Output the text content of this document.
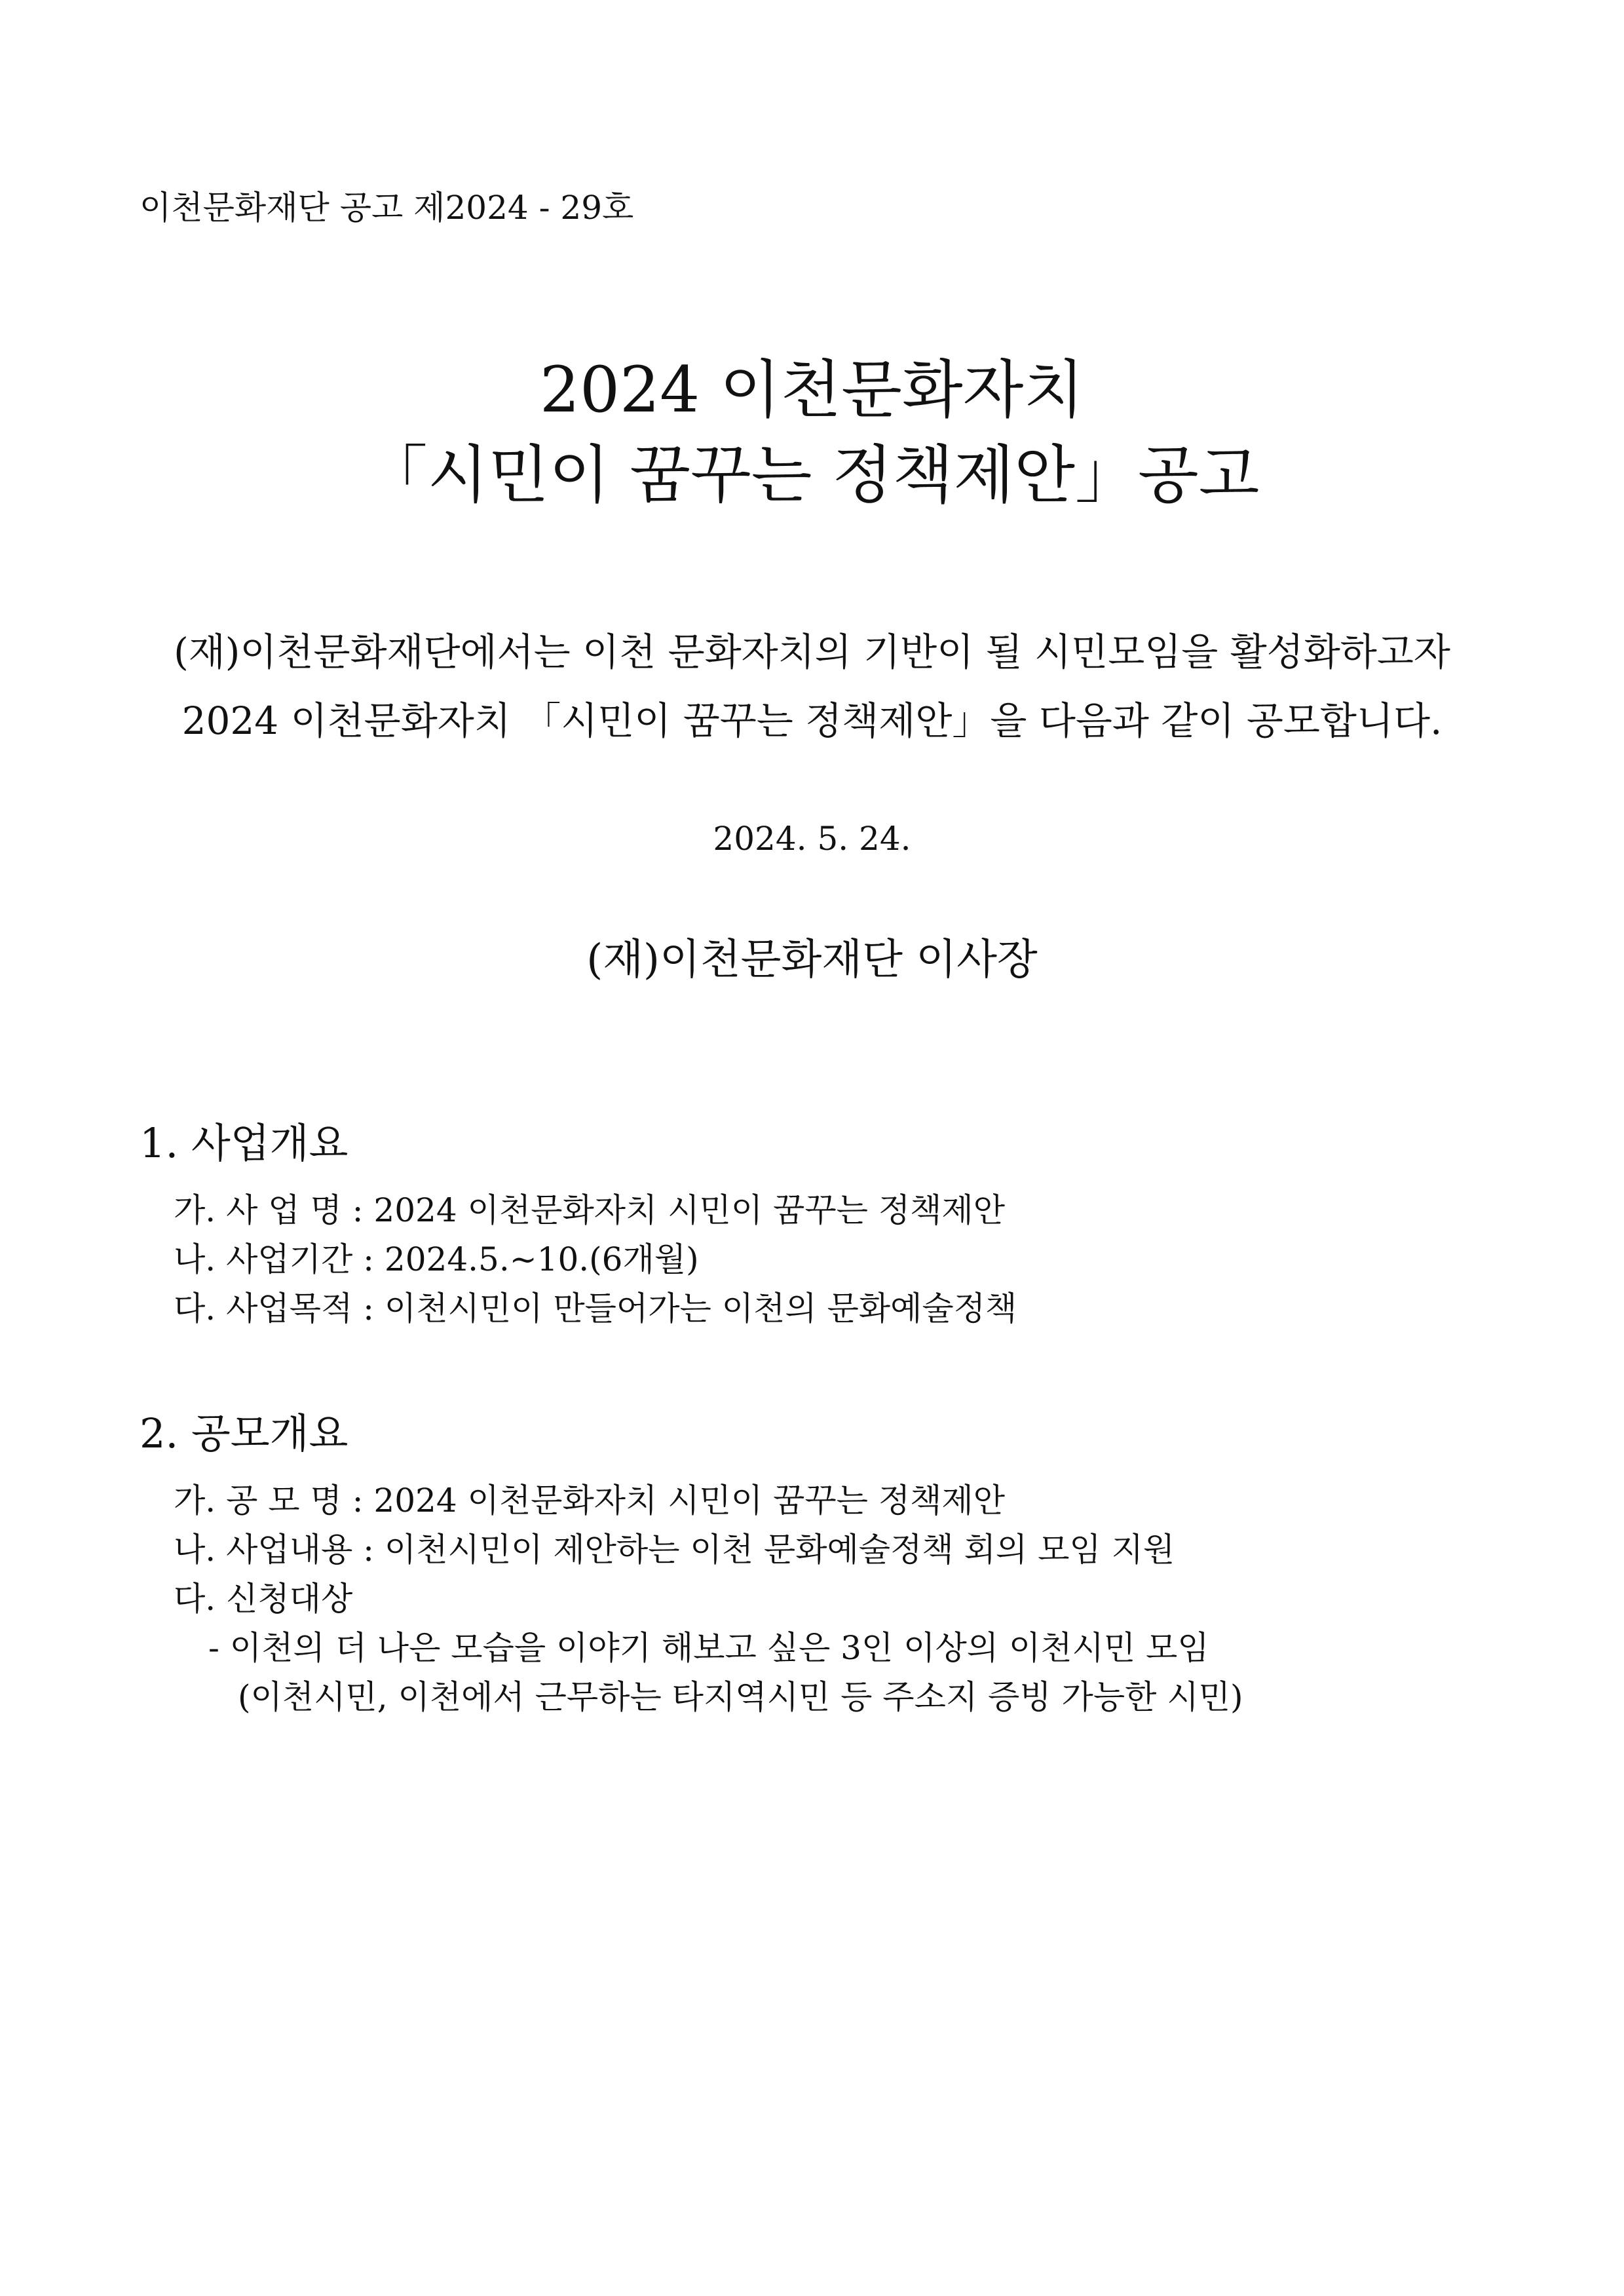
이천문화재단 공고 제2024 - 29호
2024 이천문화자치
「시민이 꿈꾸는 정책제안」공고
(재)이천문화재단에서는 이천 문화자치의 기반이 될 시민모임을 활성화하고자
2024 이천문화자치 「시민이 꿈꾸는 정책제안」을 다음과 같이 공모합니다.
2024. 5. 24.
(재)이천문화재단 이사장
1. 사업개요
가. 사 업 명 : 2024 이천문화자치 시민이 꿈꾸는 정책제안
나. 사업기간 : 2024.5.~10.(6개월)
다. 사업목적 : 이천시민이 만들어가는 이천의 문화예술정책
2. 공모개요
가. 공 모 명 : 2024 이천문화자치 시민이 꿈꾸는 정책제안
나. 사업내용 : 이천시민이 제안하는 이천 문화예술정책 회의 모임 지원
다. 신청대상
- 이천의 더 나은 모습을 이야기 해보고 싶은 3인 이상의 이천시민 모임
(이천시민, 이천에서 근무하는 타지역시민 등 주소지 증빙 가능한 시민)
